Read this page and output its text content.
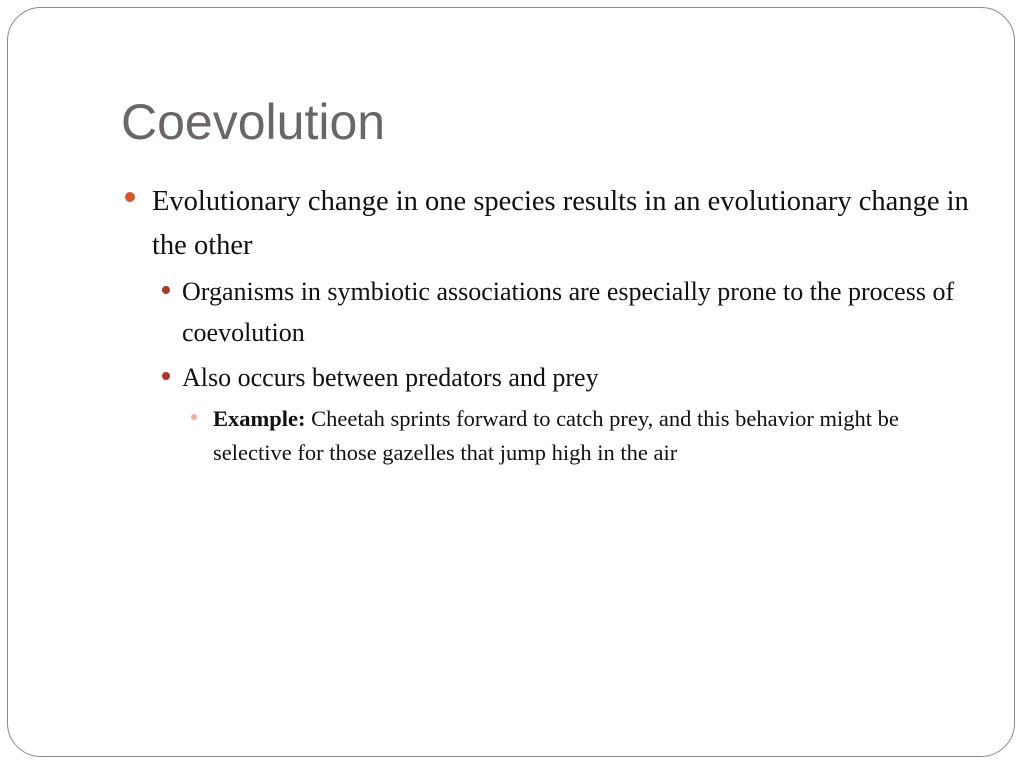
Coevolution
Evolutionary change in one species results in an evolutionary change in the other
Organisms in symbiotic associations are especially prone to the process of coevolution
Also occurs between predators and prey
Example: Cheetah sprints forward to catch prey, and this behavior might be selective for those gazelles that jump high in the air
